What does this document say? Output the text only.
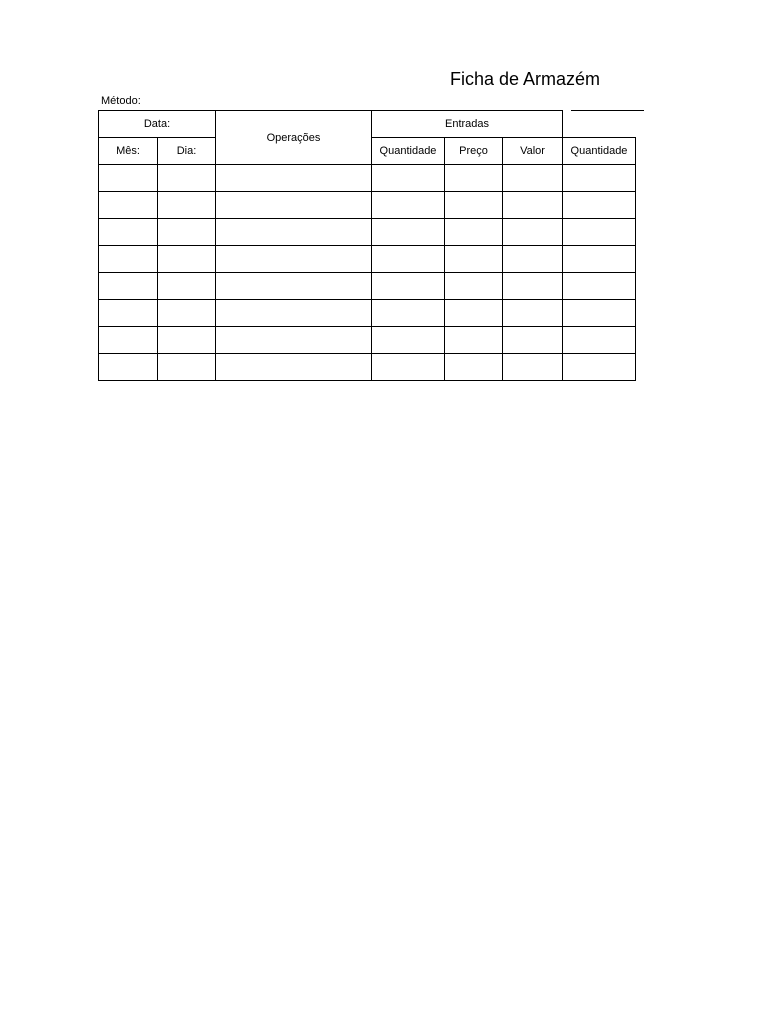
Ficha de Armazém
Método:
Data:		Operações	Entradas			
Mês:	Dia:		Quantidade	Preço	Valor	Quantidade
